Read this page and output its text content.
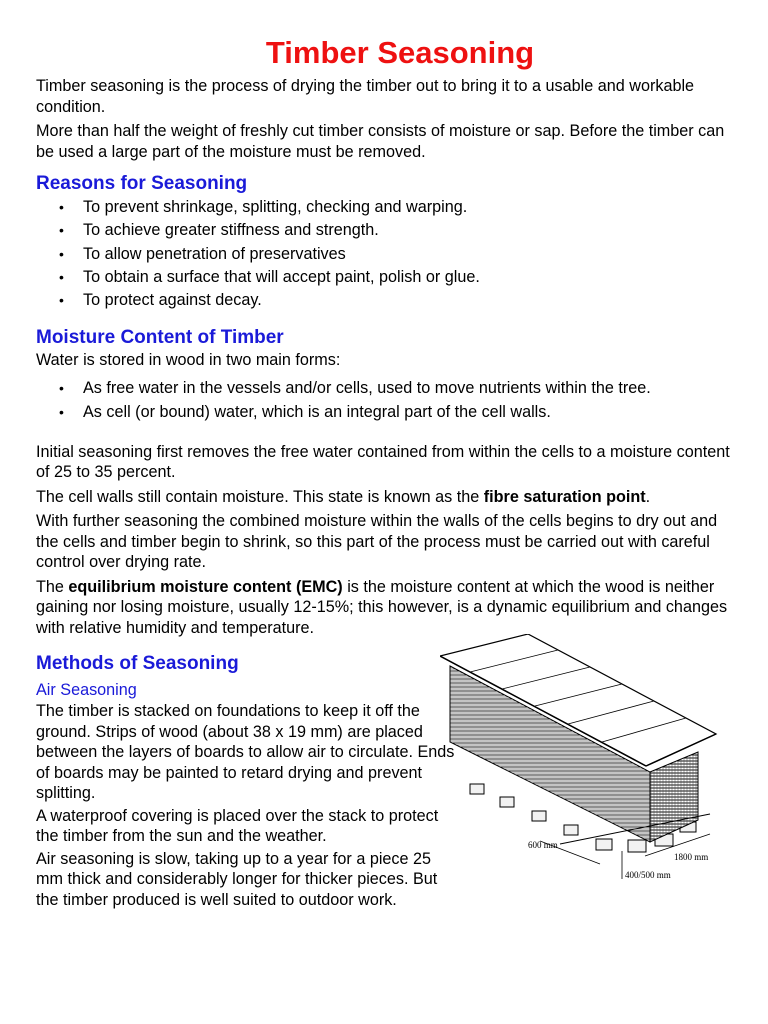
Timber Seasoning

Timber seasoning is the process of drying the timber out to bring it to a usable and workable condition.

More than half the weight of freshly cut timber consists of moisture or sap. Before the timber can be used a large part of the moisture must be removed.

Reasons for Seasoning
• To prevent shrinkage, splitting, checking and warping.
• To achieve greater stiffness and strength.
• To allow penetration of preservatives
• To obtain a surface that will accept paint, polish or glue.
• To protect against decay.
Moisture Content of Timber

Water is stored in wood in two main forms:

• As free water in the vessels and/or cells, used to move nutrients within the tree.
• As cell (or bound) water, which is an integral part of the cell walls.

Initial seasoning first removes the free water contained from within the cells to a moisture content of 25 to 35 percent.

The cell walls still contain moisture. This state is known as the fibre saturation point.

With further seasoning the combined moisture within the walls of the cells begins to dry out and the cells and timber begin to shrink, so this part of the process must be carried out with careful control over drying rate.

The equilibrium moisture content (EMC) is the moisture content at which the wood is neither gaining nor losing moisture, usually 12-15%; this however, is a dynamic equilibrium and changes with relative humidity and temperature.

Methods of Seasoning
Air Seasoning

The timber is stacked on foundations to keep it off the ground. Strips of wood (about 38 x 19 mm) are placed between the layers of boards to allow air to circulate. Ends of boards may be painted to retard drying and prevent splitting.

A waterproof covering is placed over the stack to protect the timber from the sun and the weather.

Air seasoning is slow, taking up to a year for a piece 25 mm thick and considerably longer for thicker pieces. But the timber produced is well suited to outdoor work.

600 mm
1800 mm
400/500 mm
